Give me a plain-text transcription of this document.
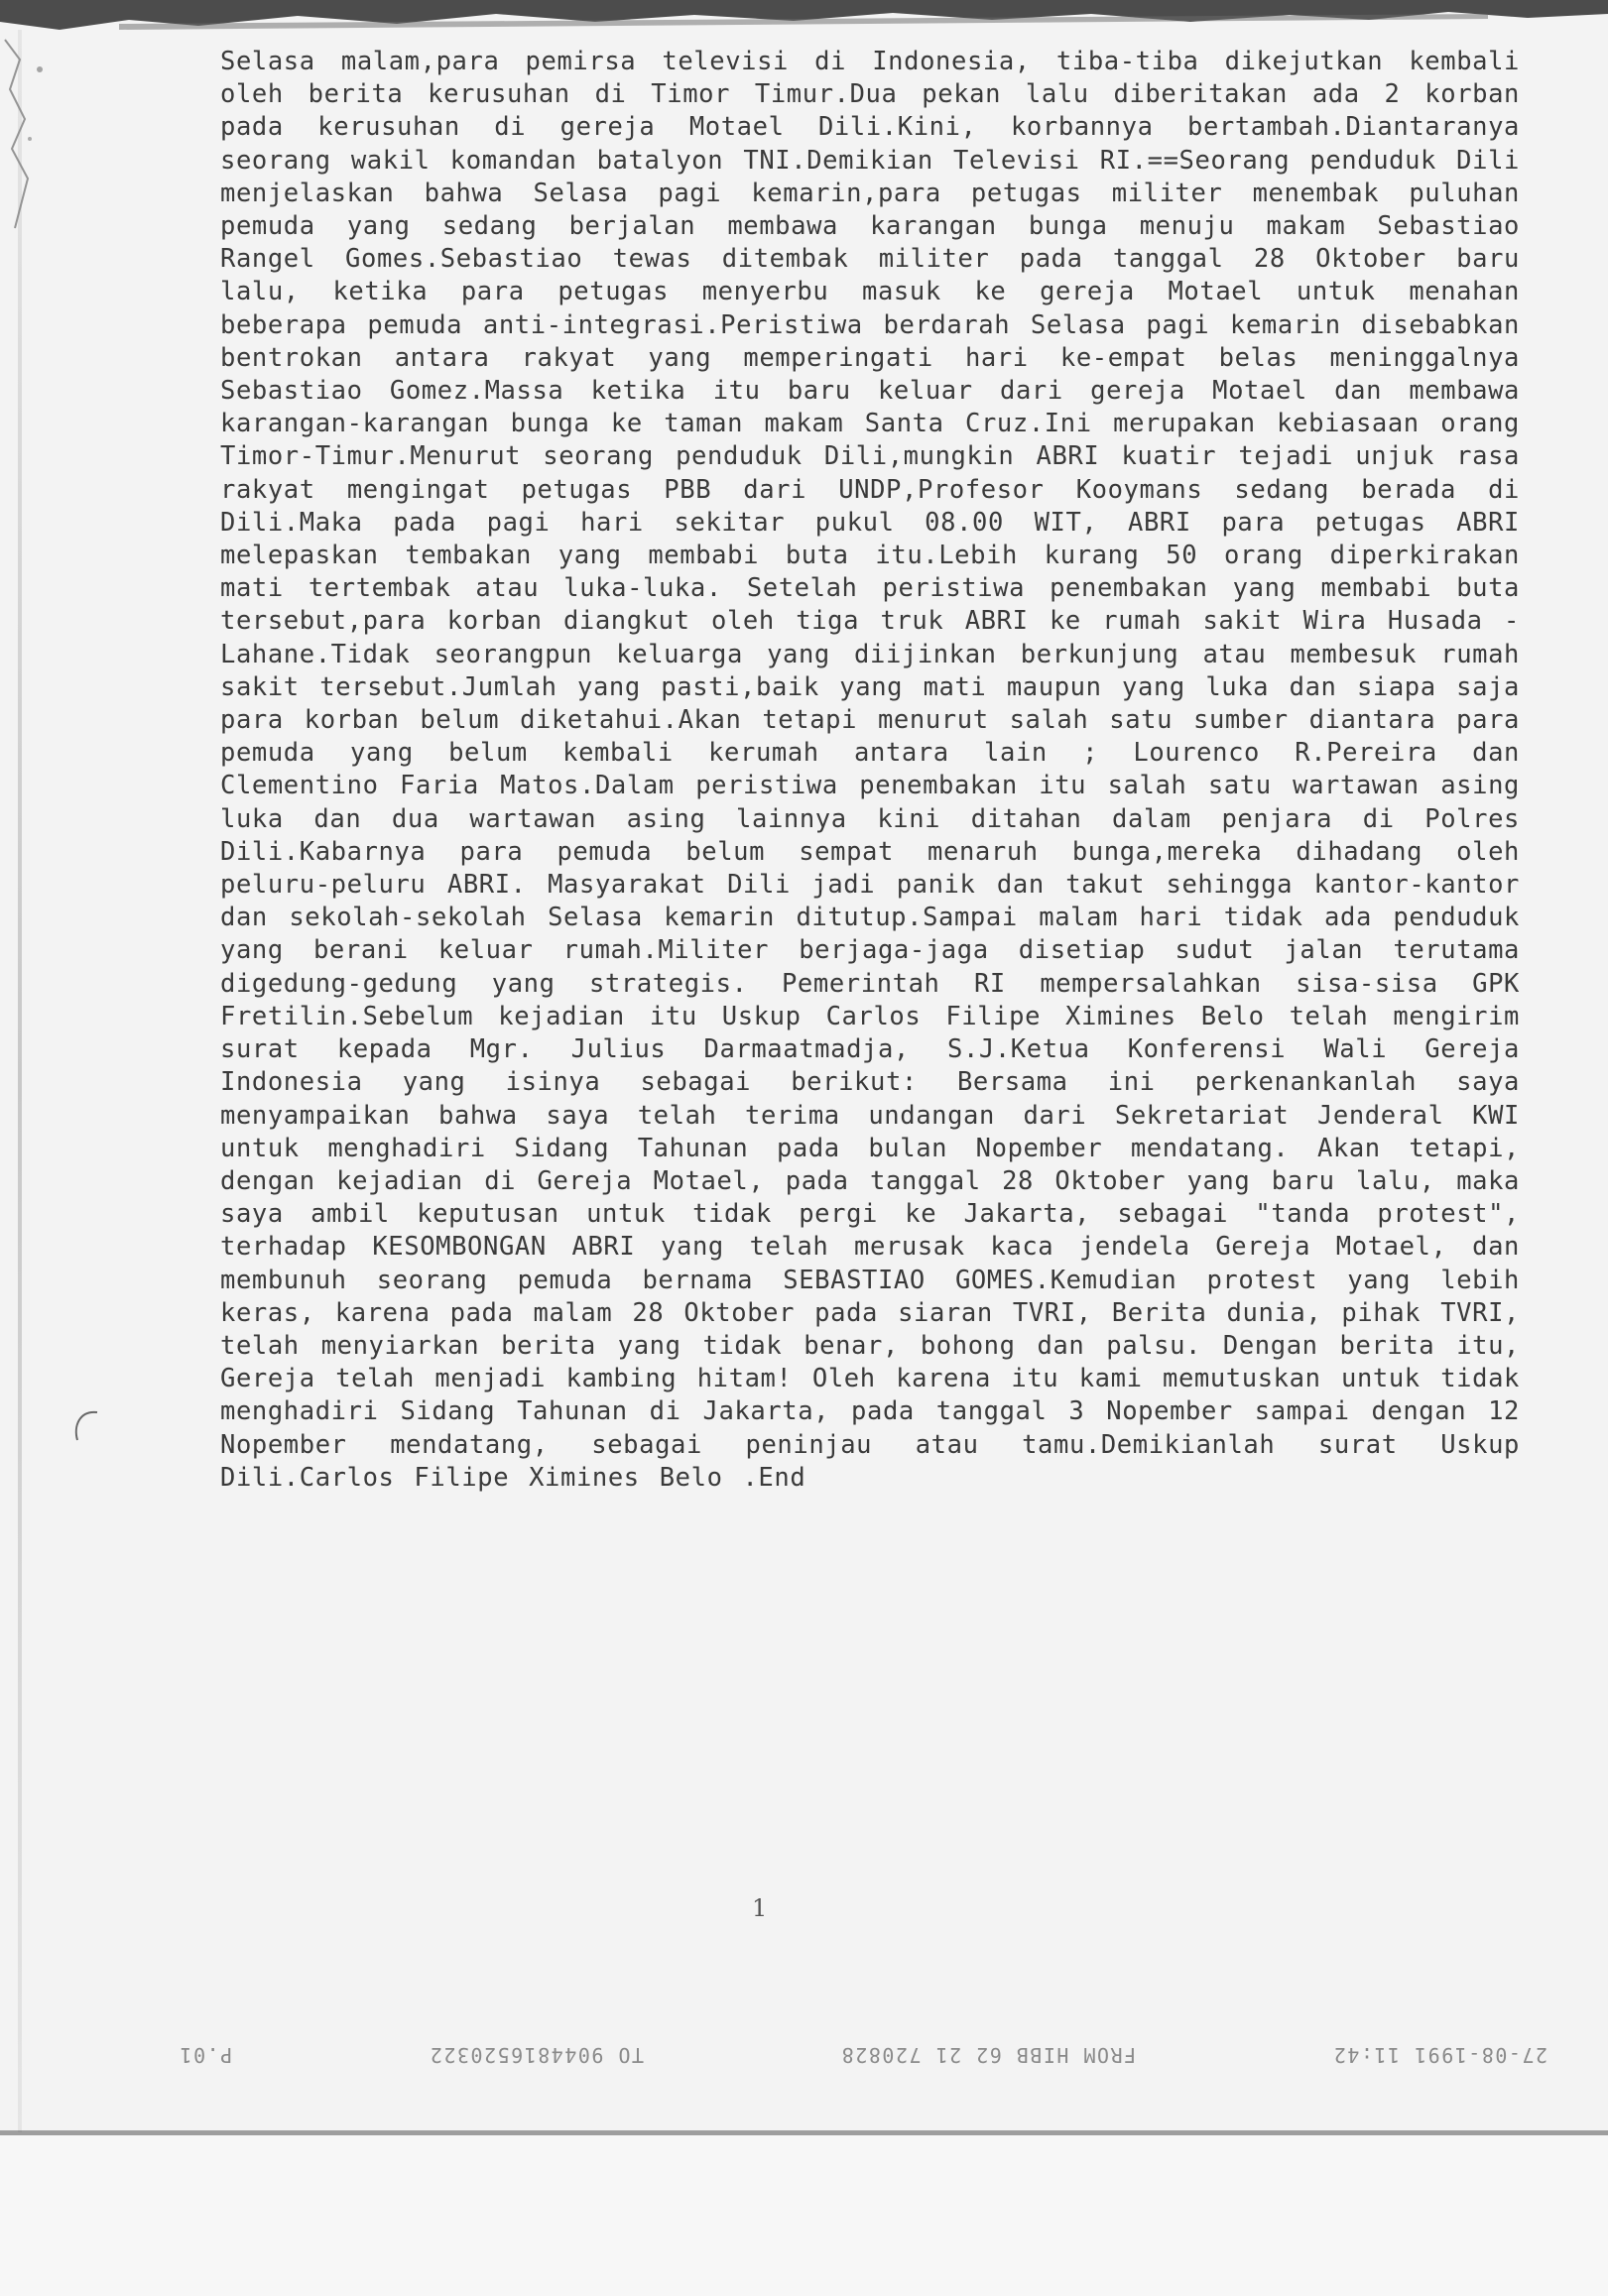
Selasa malam,para pemirsa televisi di Indonesia, tiba-tiba dikejutkan kembali oleh berita kerusuhan di Timor Timur.Dua pekan lalu diberitakan ada 2 korban pada kerusuhan di gereja Motael Dili.Kini, korbannya bertambah.Diantaranya seorang wakil komandan batalyon TNI.Demikian Televisi RI.==Seorang penduduk Dili menjelaskan bahwa Selasa pagi kemarin,para petugas militer menembak puluhan pemuda yang sedang berjalan membawa karangan bunga menuju makam Sebastiao Rangel Gomes.Sebastiao tewas ditembak militer pada tanggal 28 Oktober baru lalu, ketika para petugas menyerbu masuk ke gereja Motael untuk menahan beberapa pemuda anti-integrasi.Peristiwa berdarah Selasa pagi kemarin disebabkan bentrokan antara rakyat yang memperingati hari ke-empat belas meninggalnya Sebastiao Gomez.Massa ketika itu baru keluar dari gereja Motael dan membawa karangan-karangan bunga ke taman makam Santa Cruz.Ini merupakan kebiasaan orang Timor-Timur.Menurut seorang penduduk Dili,mungkin ABRI kuatir tejadi unjuk rasa rakyat mengingat petugas PBB dari UNDP,Profesor Kooymans sedang berada di Dili.Maka pada pagi hari sekitar pukul 08.00 WIT, ABRI para petugas ABRI melepaskan tembakan yang membabi buta itu.Lebih kurang 50 orang diperkirakan mati tertembak atau luka-luka. Setelah peristiwa penembakan yang membabi buta tersebut,para korban diangkut oleh tiga truk ABRI ke rumah sakit Wira Husada - Lahane.Tidak seorangpun keluarga yang diijinkan berkunjung atau membesuk rumah sakit tersebut.Jumlah yang pasti,baik yang mati maupun yang luka dan siapa saja para korban belum diketahui.Akan tetapi menurut salah satu sumber diantara para pemuda yang belum kembali kerumah antara lain ; Lourenco R.Pereira dan Clementino Faria Matos.Dalam peristiwa penembakan itu salah satu wartawan asing luka dan dua wartawan asing lainnya kini ditahan dalam penjara di Polres Dili.Kabarnya para pemuda belum sempat menaruh bunga,mereka dihadang oleh peluru-peluru ABRI. Masyarakat Dili jadi panik dan takut sehingga kantor-kantor dan sekolah-sekolah Selasa kemarin ditutup.Sampai malam hari tidak ada penduduk yang berani keluar rumah.Militer berjaga-jaga disetiap sudut jalan terutama digedung-gedung yang strategis. Pemerintah RI mempersalahkan sisa-sisa GPK Fretilin.Sebelum kejadian itu Uskup Carlos Filipe Ximines Belo telah mengirim surat kepada Mgr. Julius Darmaatmadja, S.J.Ketua Konferensi Wali Gereja Indonesia yang isinya sebagai berikut: Bersama ini perkenankanlah saya menyampaikan bahwa saya telah terima undangan dari Sekretariat Jenderal KWI untuk menghadiri Sidang Tahunan pada bulan Nopember mendatang. Akan tetapi, dengan kejadian di Gereja Motael, pada tanggal 28 Oktober yang baru lalu, maka saya ambil keputusan untuk tidak pergi ke Jakarta, sebagai "tanda protest", terhadap KESOMBONGAN ABRI yang telah merusak kaca jendela Gereja Motael, dan membunuh seorang pemuda bernama SEBASTIAO GOMES.Kemudian protest yang lebih keras, karena pada malam 28 Oktober pada siaran TVRI, Berita dunia, pihak TVRI, telah menyiarkan berita yang tidak benar, bohong dan palsu. Dengan berita itu, Gereja telah menjadi kambing hitam! Oleh karena itu kami memutuskan untuk tidak menghadiri Sidang Tahunan di Jakarta, pada tanggal 3 Nopember sampai dengan 12 Nopember mendatang, sebagai peninjau atau tamu.Demikianlah surat Uskup Dili.Carlos Filipe Ximines Belo .End
1
27-08-1991 11:42
FROM HIBB 62 21 720828
TO 9044816520322
P.01
